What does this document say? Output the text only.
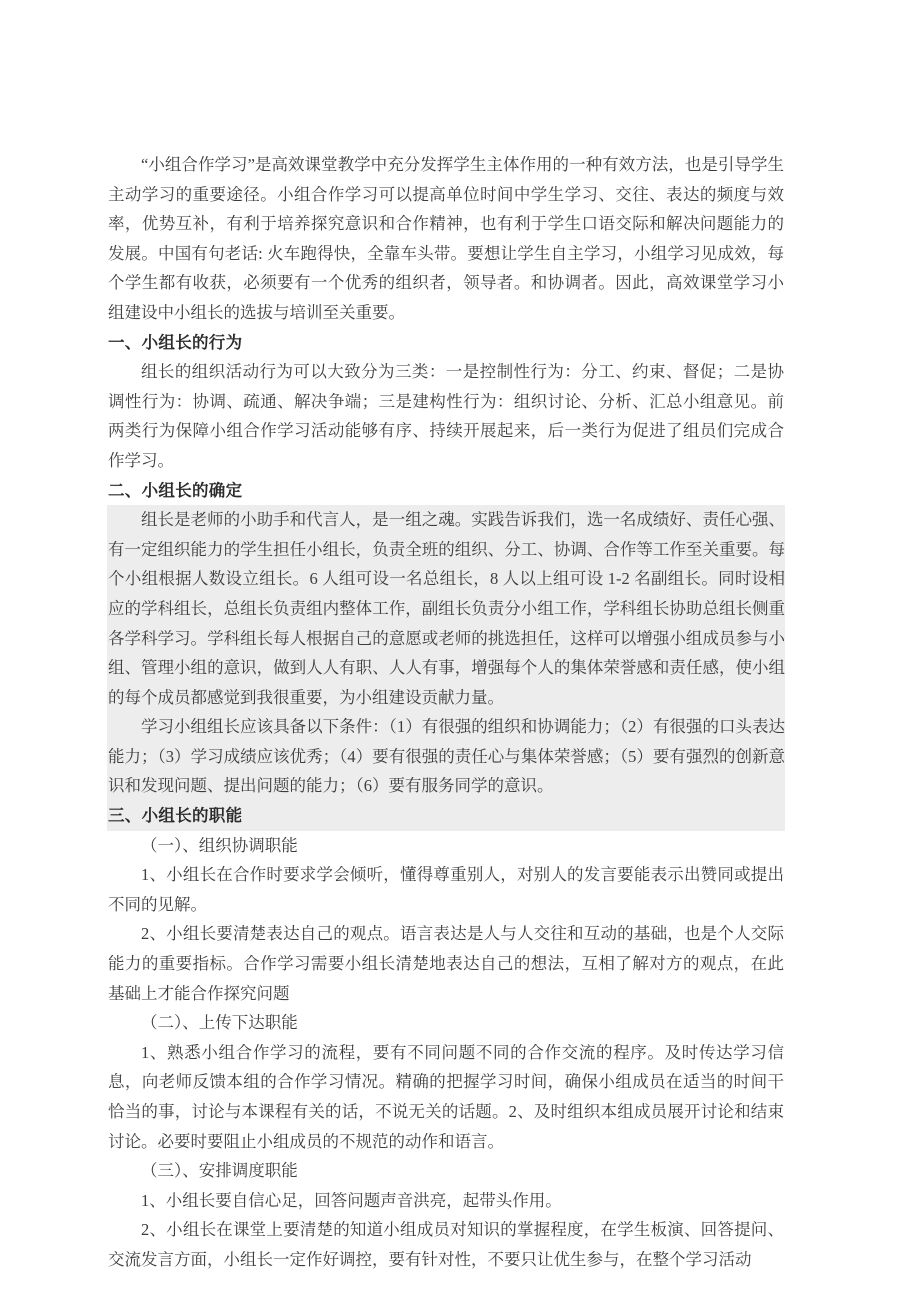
“小组合作学习”是高效课堂教学中充分发挥学生主体作用的一种有效方法，也是引导学生主动学习的重要途径。小组合作学习可以提高单位时间中学生学习、交往、表达的频度与效率，优势互补，有利于培养探究意识和合作精神，也有利于学生口语交际和解决问题能力的发展。中国有句老话: 火车跑得快，全靠车头带。要想让学生自主学习，小组学习见成效，每个学生都有收获，必须要有一个优秀的组织者，领导者。和协调者。因此，高效课堂学习小组建设中小组长的选拔与培训至关重要。

一、小组长的行为

组长的组织活动行为可以大致分为三类：一是控制性行为：分工、约束、督促；二是协调性行为：协调、疏通、解决争端；三是建构性行为：组织讨论、分析、汇总小组意见。前两类行为保障小组合作学习活动能够有序、持续开展起来，后一类行为促进了组员们完成合作学习。

二、小组长的确定

组长是老师的小助手和代言人，是一组之魂。实践告诉我们，选一名成绩好、责任心强、有一定组织能力的学生担任小组长，负责全班的组织、分工、协调、合作等工作至关重要。每个小组根据人数设立组长。6 人组可设一名总组长，8 人以上组可设 1-2 名副组长。同时设相应的学科组长，总组长负责组内整体工作，副组长负责分小组工作，学科组长协助总组长侧重各学科学习。学科组长每人根据自己的意愿或老师的挑选担任，这样可以增强小组成员参与小组、管理小组的意识，做到人人有职、人人有事，增强每个人的集体荣誉感和责任感，使小组的每个成员都感觉到我很重要，为小组建设贡献力量。

学习小组组长应该具备以下条件：（1）有很强的组织和协调能力；（2）有很强的口头表达能力；（3）学习成绩应该优秀；（4）要有很强的责任心与集体荣誉感；（5）要有强烈的创新意识和发现问题、提出问题的能力；（6）要有服务同学的意识。

三、小组长的职能

（一）、组织协调职能

1、小组长在合作时要求学会倾听，懂得尊重别人，对别人的发言要能表示出赞同或提出不同的见解。

2、小组长要清楚表达自己的观点。语言表达是人与人交往和互动的基础，也是个人交际能力的重要指标。合作学习需要小组长清楚地表达自己的想法，互相了解对方的观点，在此基础上才能合作探究问题

（二）、上传下达职能

1、熟悉小组合作学习的流程，要有不同问题不同的合作交流的程序。及时传达学习信息，向老师反馈本组的合作学习情况。精确的把握学习时间，确保小组成员在适当的时间干恰当的事，讨论与本课程有关的话，不说无关的话题。2、及时组织本组成员展开讨论和结束讨论。必要时要阻止小组成员的不规范的动作和语言。

（三）、安排调度职能

1、小组长要自信心足，回答问题声音洪亮，起带头作用。

2、小组长在课堂上要清楚的知道小组成员对知识的掌握程度，在学生板演、回答提问、交流发言方面，小组长一定作好调控，要有针对性，不要只让优生参与，在整个学习活动
